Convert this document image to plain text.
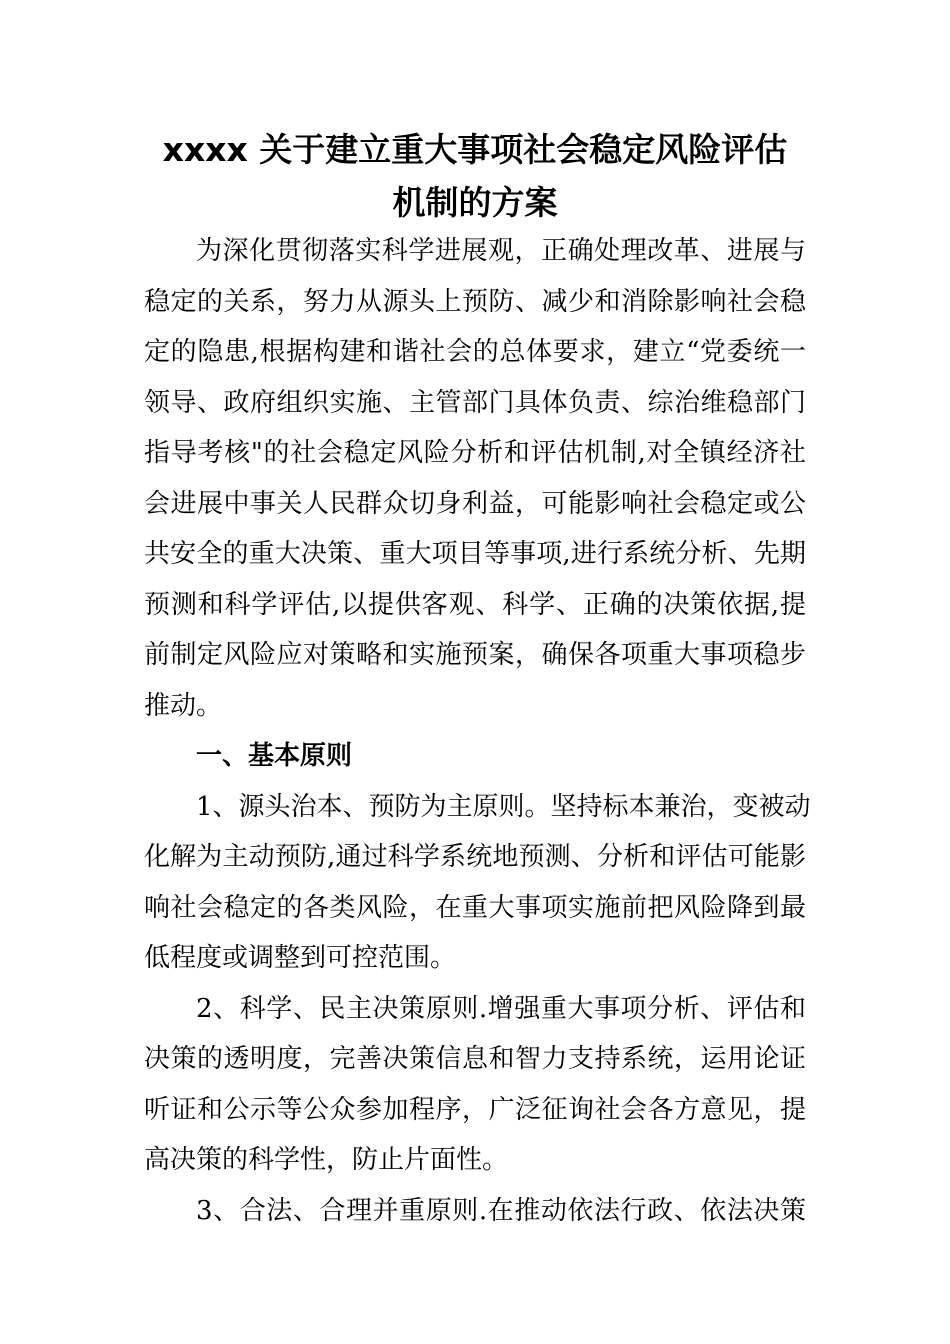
xxxx 关于建立重大事项社会稳定风险评估
机制的方案
为深化贯彻落实科学进展观，正确处理改革、进展与
稳定的关系，努力从源头上预防、减少和消除影响社会稳
定的隐患,根据构建和谐社会的总体要求，建立“党委统一
领导、政府组织实施、主管部门具体负责、综治维稳部门
指导考核"的社会稳定风险分析和评估机制,对全镇经济社
会进展中事关人民群众切身利益，可能影响社会稳定或公
共安全的重大决策、重大项目等事项,进行系统分析、先期
预测和科学评估,以提供客观、科学、正确的决策依据,提
前制定风险应对策略和实施预案，确保各项重大事项稳步
推动。
一、基本原则
1、源头治本、预防为主原则。坚持标本兼治，变被动
化解为主动预防,通过科学系统地预测、分析和评估可能影
响社会稳定的各类风险，在重大事项实施前把风险降到最
低程度或调整到可控范围。
2、科学、民主决策原则.增强重大事项分析、评估和
决策的透明度，完善决策信息和智力支持系统，运用论证
听证和公示等公众参加程序，广泛征询社会各方意见，提
高决策的科学性，防止片面性。
3、合法、合理并重原则.在推动依法行政、依法决策
